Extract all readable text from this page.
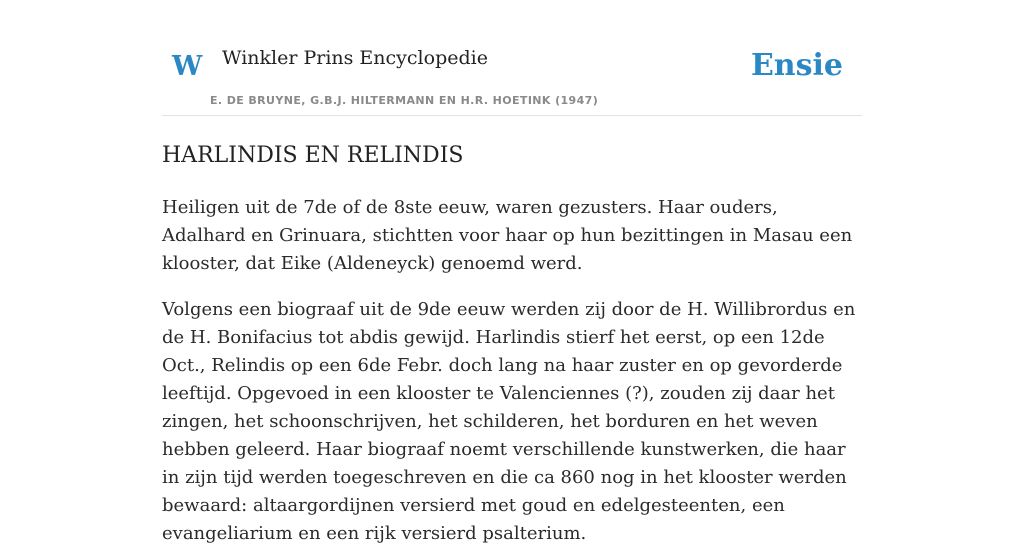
W Winkler Prins Encyclopedie
E. DE BRUYNE, G.B.J. HILTERMANN EN H.R. HOETINK (1947)
Ensie
HARLINDIS EN RELINDIS

Heiligen uit de 7de of de 8ste eeuw, waren gezusters. Haar ouders, Adalhard en Grinuara, stichtten voor haar op hun bezittingen in Masau een klooster, dat Eike (Aldeneyck) genoemd werd.

Volgens een biograaf uit de 9de eeuw werden zij door de H. Willibrordus en de H. Bonifacius tot abdis gewijd. Harlindis stierf het eerst, op een 12de Oct., Relindis op een 6de Febr. doch lang na haar zuster en op gevorderde leeftijd. Opgevoed in een klooster te Valenciennes (?), zouden zij daar het zingen, het schoonschrijven, het schilderen, het borduren en het weven hebben geleerd. Haar biograaf noemt verschillende kunstwerken, die haar in zijn tijd werden toegeschreven en die ca 860 nog in het klooster werden bewaard: altaargordijnen versierd met goud en edelgesteenten, een evangeliarium en een rijk versierd psalterium.
